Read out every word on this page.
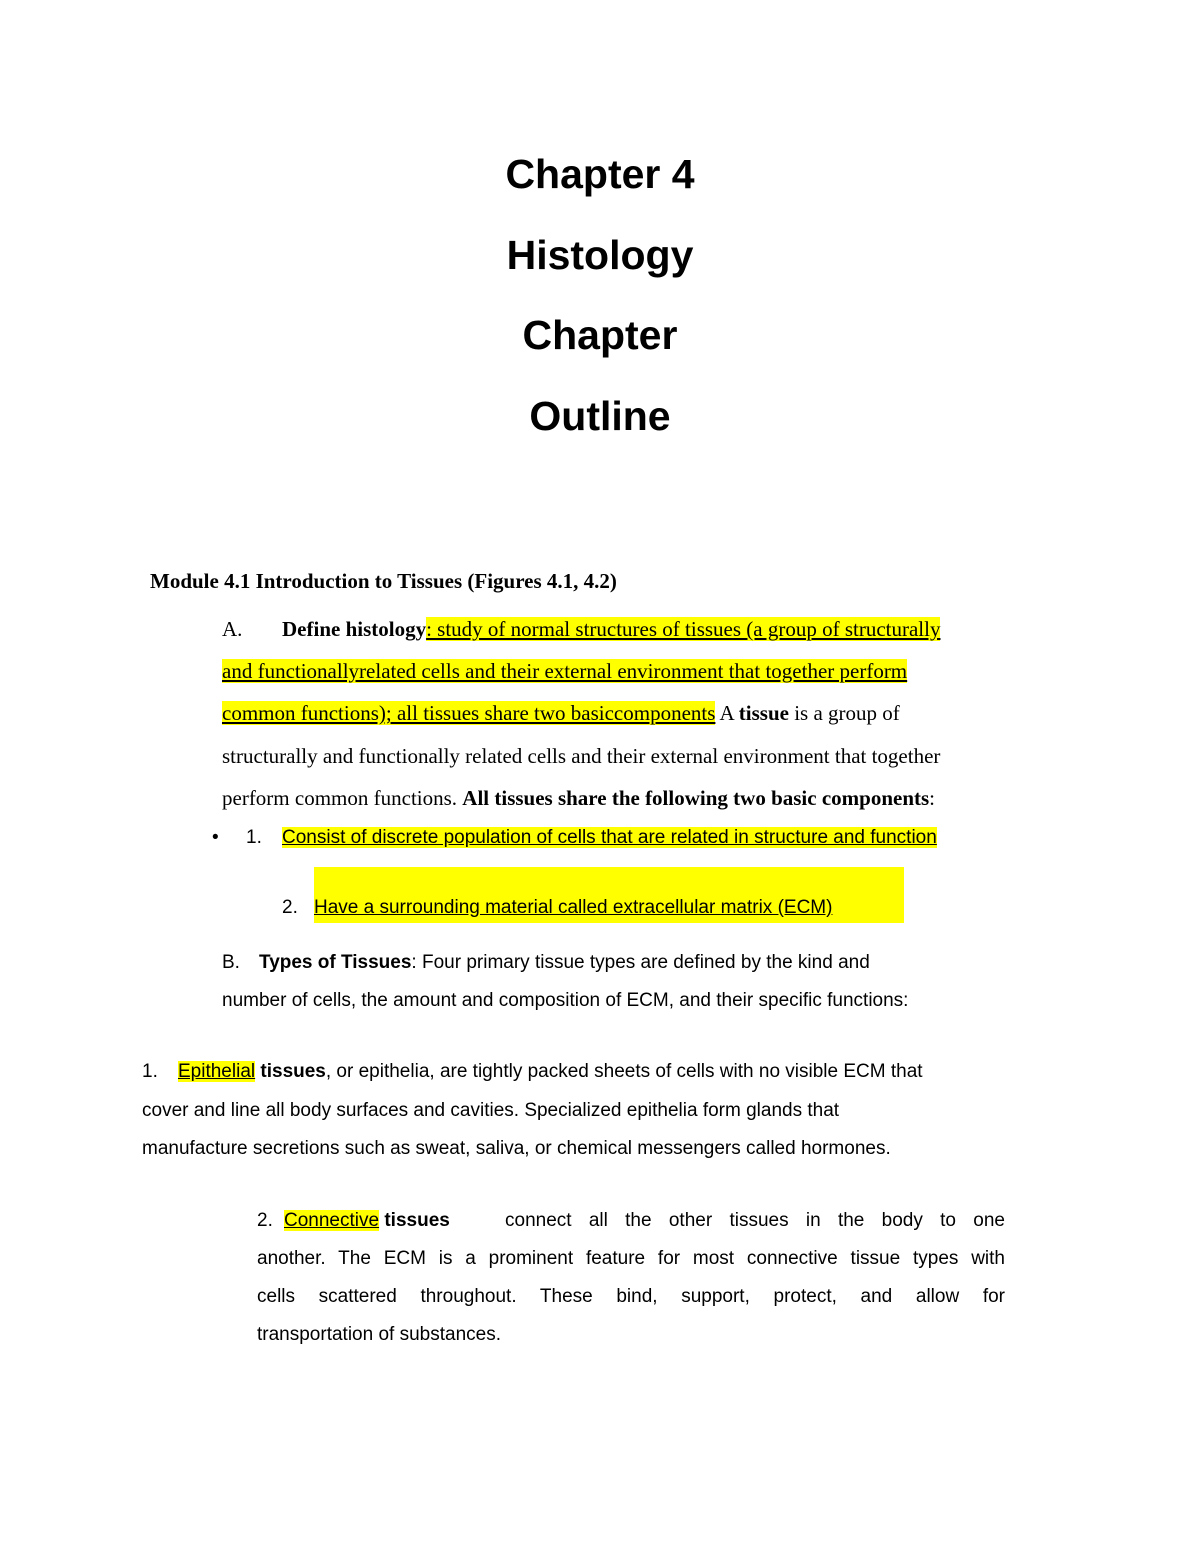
Chapter 4
Histology
Chapter
Outline
Module 4.1 Introduction to Tissues (Figures 4.1, 4.2)
A. Define histology: study of normal structures of tissues (a group of structurally
and functionallyrelated cells and their external environment that together perform
common functions); all tissues share two basiccomponents A tissue is a group of
structurally and functionally related cells and their external environment that together
perform common functions. All tissues share the following two basic components:
• 1. Consist of discrete population of cells that are related in structure and function
2. Have a surrounding material called extracellular matrix (ECM)
B. Types of Tissues: Four primary tissue types are defined by the kind and
number of cells, the amount and composition of ECM, and their specific functions:
1. Epithelial tissues, or epithelia, are tightly packed sheets of cells with no visible ECM that
cover and line all body surfaces and cavities. Specialized epithelia form glands that
manufacture secretions such as sweat, saliva, or chemical messengers called hormones.
2. Connective tissues	connect all the other tissues in the body to one
another. The ECM is a prominent feature for most connective tissue types with
cells scattered throughout. These bind, support, protect, and allow for
transportation of substances.
